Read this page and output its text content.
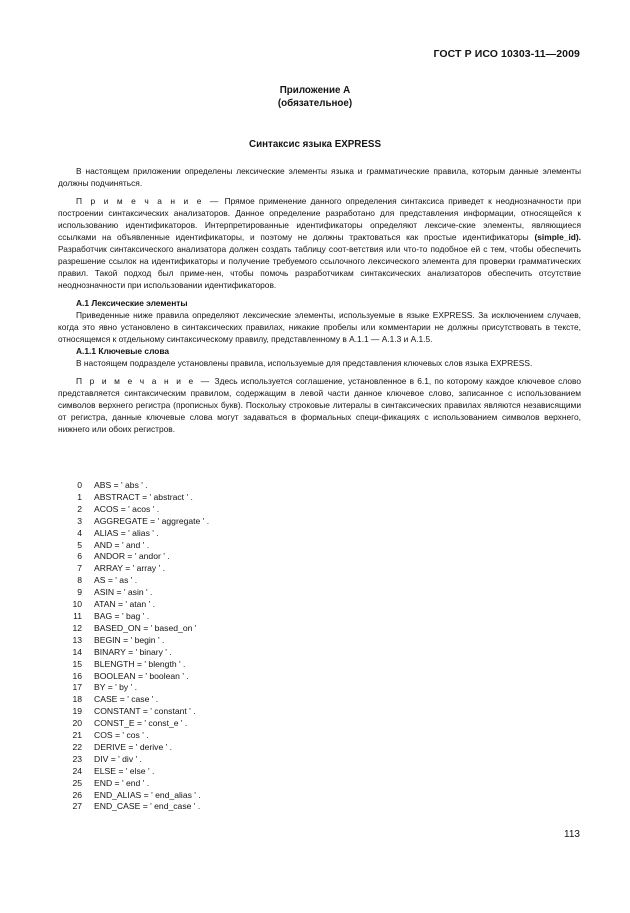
ГОСТ Р ИСО 10303-11—2009
Приложение А
(обязательное)
Синтаксис языка EXPRESS

В настоящем приложении определены лексические элементы языка и грамматические правила, которым данные элементы должны подчиняться.

П р и м е ч а н и е — Прямое применение данного определения синтаксиса приведет к неоднозначности при построении синтаксических анализаторов. Данное определение разработано для представления информации, относящейся к использованию идентификаторов. Интерпретированные идентификаторы определяют лексиче-ские элементы, являющиеся ссылками на объявленные идентификаторы, и поэтому не должны трактоваться как простые идентификаторы (simple_id). Разработчик синтаксического анализатора должен создать таблицу соот-ветствия или что-то подобное ей с тем, чтобы обеспечить разрешение ссылок на идентификаторы и получение требуемого ссылочного лексического элемента для проверки грамматических правил. Такой подход был приме-нен, чтобы помочь разработчикам синтаксических анализаторов обеспечить отсутствие неоднозначности при использовании идентификаторов.

А.1 Лексические элементы

Приведенные ниже правила определяют лексические элементы, используемые в языке EXPRESS. За исключением случаев, когда это явно установлено в синтаксических правилах, никакие пробелы или комментарии не должны присутствовать в тексте, относящемся к отдельному синтаксическому правилу, представленному в А.1.1 — А.1.3 и А.1.5.

А.1.1 Ключевые слова

В настоящем подразделе установлены правила, используемые для представления ключевых слов языка EXPRESS.

П р и м е ч а н и е — Здесь используется соглашение, установленное в 6.1, по которому каждое ключевое слово представляется синтаксическим правилом, содержащим в левой части данное ключевое слово, записанное с использованием символов верхнего регистра (прописных букв). Поскольку строковые литералы в синтаксических правилах являются независящими от регистра, данные ключевые слова могут задаваться в формальных специ-фикациях с использованием символов верхнего, нижнего или обоих регистров.

0	ABS = ' abs ' .
1	ABSTRACT = ' abstract ' .
2	ACOS = ' acos ' .
3	AGGREGATE = ' aggregate ' .
4	ALIAS = ' alias ' .
5	AND = ' and ' .
6	ANDOR = ' andor ' .
7	ARRAY = ' array ' .
8	AS = ' as ' .
9	ASIN = ' asin ' .
10	ATAN = ' atan ' .
11	BAG = ' bag ' .
12	BASED_ON = ' based_on '
13	BEGIN = ' begin ' .
14	BINARY = ' binary ' .
15	BLENGTH = ' blength ' .
16	BOOLEAN = ' boolean ' .
17	BY = ' by ' .
18	CASE = ' case ' .
19	CONSTANT = ' constant ' .
20	CONST_E = ' const_e ' .
21	COS = ' cos ' .
22	DERIVE = ' derive ' .
23	DIV = ' div ' .
24	ELSE = ' else ' .
25	END = ' end ' .
26	END_ALIAS = ' end_alias ' .
27	END_CASE = ' end_case ' .
113
